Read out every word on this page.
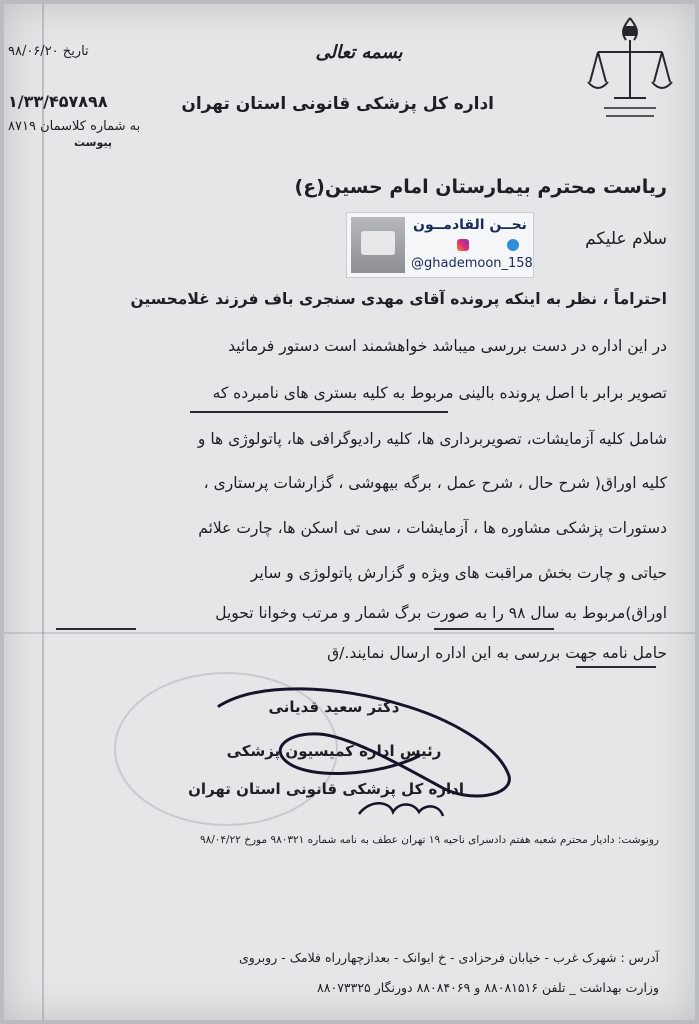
بسمه تعالی
اداره کل پزشکی قانونی استان تهران
۹۸/۰۶/۲۰ تاریخ
۱/۳۳/۴۵۷۸۹۸
به شماره کلاسمان ۸۷۱۹
پیوست
ریاست محترم بیمارستان امام حسین(ع)
سلام علیکم
نحــن القادمــون
@ghademoon_158
احتراماً ، نظر به اینکه پرونده آقای مهدی سنجری باف فرزند غلامحسین
در این اداره در دست بررسی میباشد خواهشمند است دستور فرمائید
تصویر برابر با اصل پرونده بالینی مربوط به کلیه بستری های نامبرده که
شامل کلیه آزمایشات، تصویربرداری ها، کلیه رادیوگرافی ها، پاتولوژی ها و
کلیه اوراق( شرح حال ، شرح عمل ، برگه بیهوشی ، گزارشات پرستاری ،
دستورات پزشکی مشاوره ها ، آزمایشات ، سی تی اسکن ها، چارت علائم
حیاتی و چارت بخش مراقبت های ویژه و گزارش پاتولوژی و سایر
اوراق)مربوط به سال ۹۸ را به صورت برگ شمار و مرتب وخوانا تحویل
حامل نامه جهت بررسی به این اداره ارسال نمایند./ق
دکتر سعید قدیانی
رئیس اداره کمیسیون پزشکی
اداره کل پزشکی قانونی استان تهران
رونوشت: دادیار محترم شعبه هفتم دادسرای ناحیه ۱۹ تهران عطف به نامه شماره ۹۸۰۳۲۱ مورخ ۹۸/۰۴/۲۲
آدرس : شهرک غرب - خیابان فرحزادی - خ ایوانک - بعدازچهارراه فلامک - روبروی
وزارت بهداشت _ تلفن ۸۸۰۸۱۵۱۶ و ۸۸۰۸۴۰۶۹ دورنگار ۸۸۰۷۳۳۲۵
